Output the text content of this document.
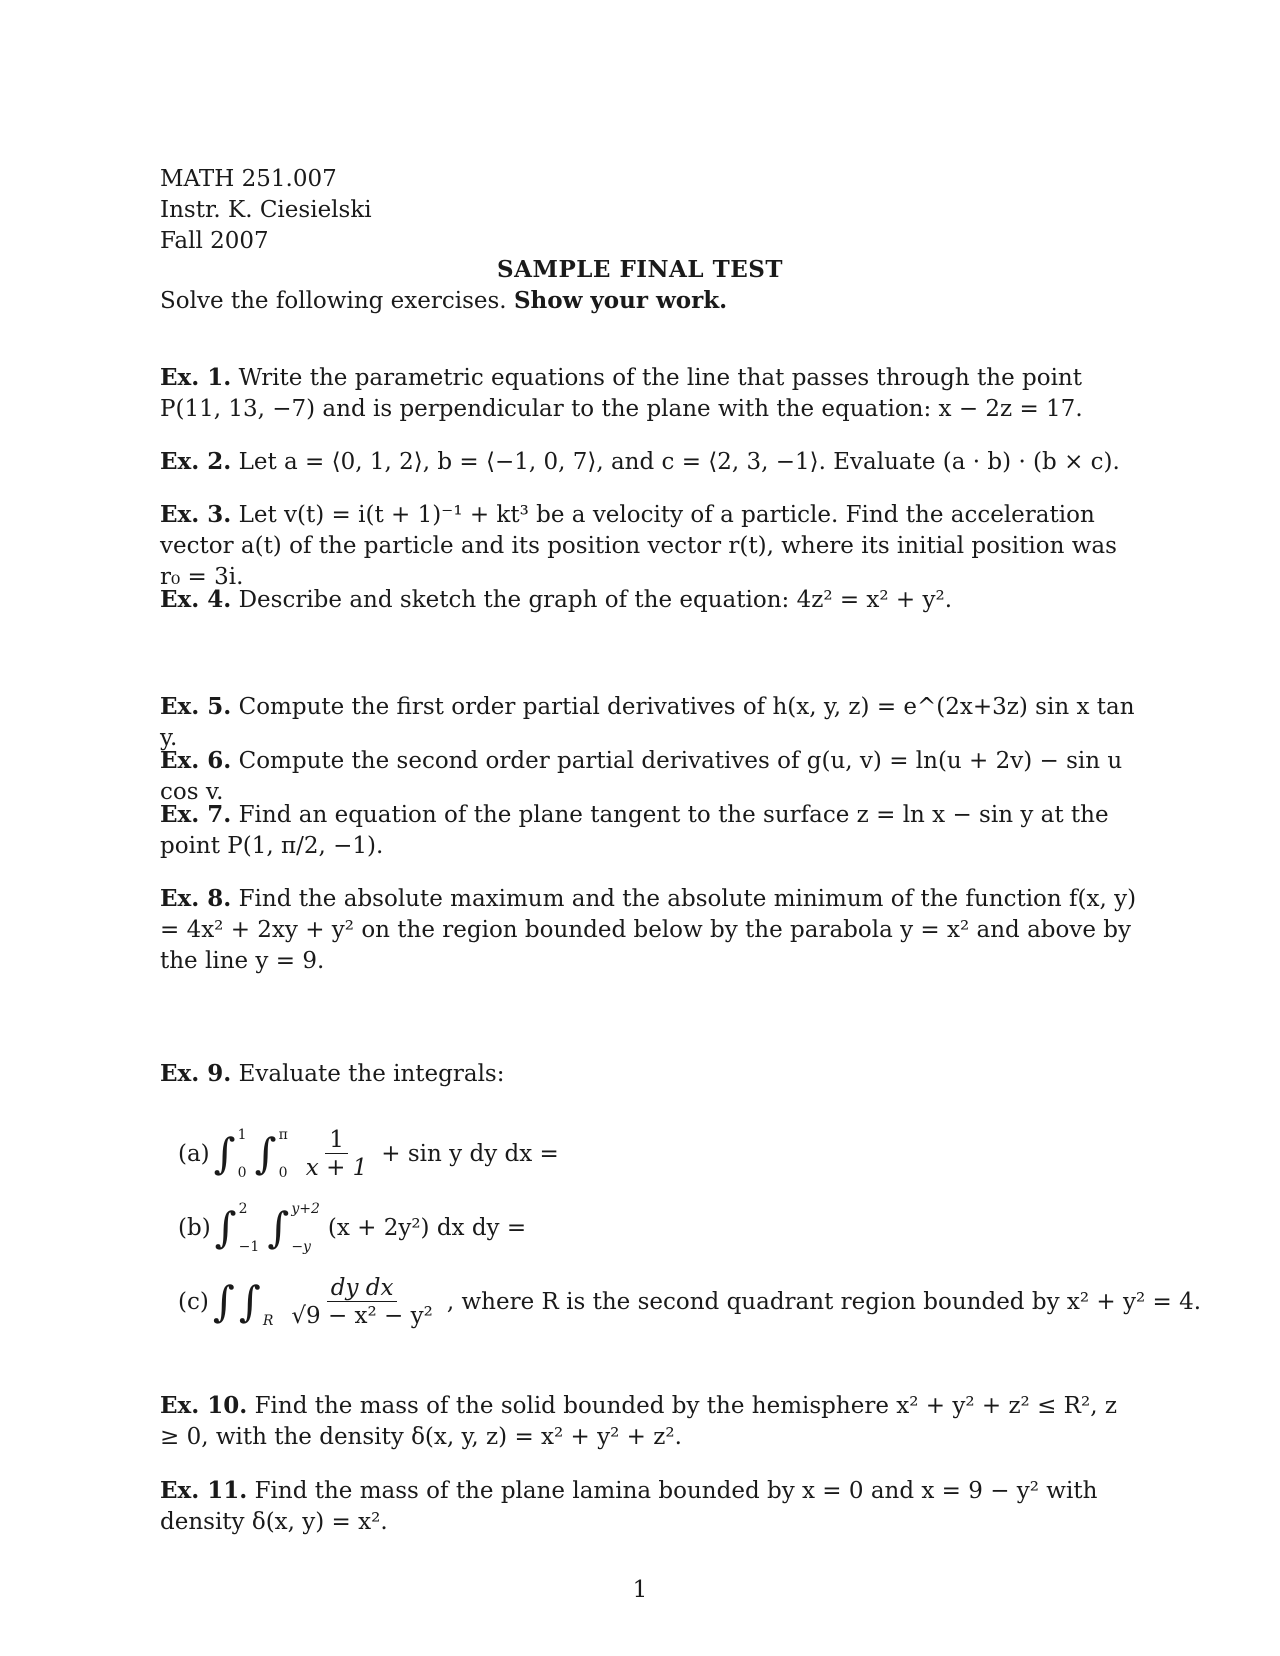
MATH 251.007
Instr. K. Ciesielski
Fall 2007
SAMPLE FINAL TEST
Solve the following exercises. Show your work.
Ex. 1. Write the parametric equations of the line that passes through the point P(11, 13, −7) and is perpendicular to the plane with the equation: x − 2z = 17.
Ex. 2. Let a = ⟨0, 1, 2⟩, b = ⟨−1, 0, 7⟩, and c = ⟨2, 3, −1⟩. Evaluate (a · b) · (b × c).
Ex. 3. Let v(t) = i(t + 1)⁻¹ + kt³ be a velocity of a particle. Find the acceleration vector a(t) of the particle and its position vector r(t), where its initial position was r₀ = 3i.
Ex. 4. Describe and sketch the graph of the equation: 4z² = x² + y².
Ex. 5. Compute the first order partial derivatives of h(x, y, z) = e^(2x+3z) sin x tan y.
Ex. 6. Compute the second order partial derivatives of g(u, v) = ln(u + 2v) − sin u cos v.
Ex. 7. Find an equation of the plane tangent to the surface z = ln x − sin y at the point P(1, π/2, −1).
Ex. 8. Find the absolute maximum and the absolute minimum of the function f(x, y) = 4x² + 2xy + y² on the region bounded below by the parabola y = x² and above by the line y = 9.
Ex. 9. Evaluate the integrals:
(a) ∫ 1
0 ∫ π
$0 \frac{1}{x + 1} + \sin y$ dy dx =
(b) ∫ 2
−1 ∫ y+2
−y
(x + 2y²) dx dy =
(c) ∫ ∫ R $\frac{\text{dy dx}}{\text{√9 − x² − y²}}$ , where R is the second quadrant region bounded by x² + y² = 4.
Ex. 10. Find the mass of the solid bounded by the hemisphere x² + y² + z² ≤ R², z ≥ 0, with the density δ(x, y, z) = x² + y² + z².
Ex. 11. Find the mass of the plane lamina bounded by x = 0 and x = 9 − y² with density δ(x, y) = x².
1
